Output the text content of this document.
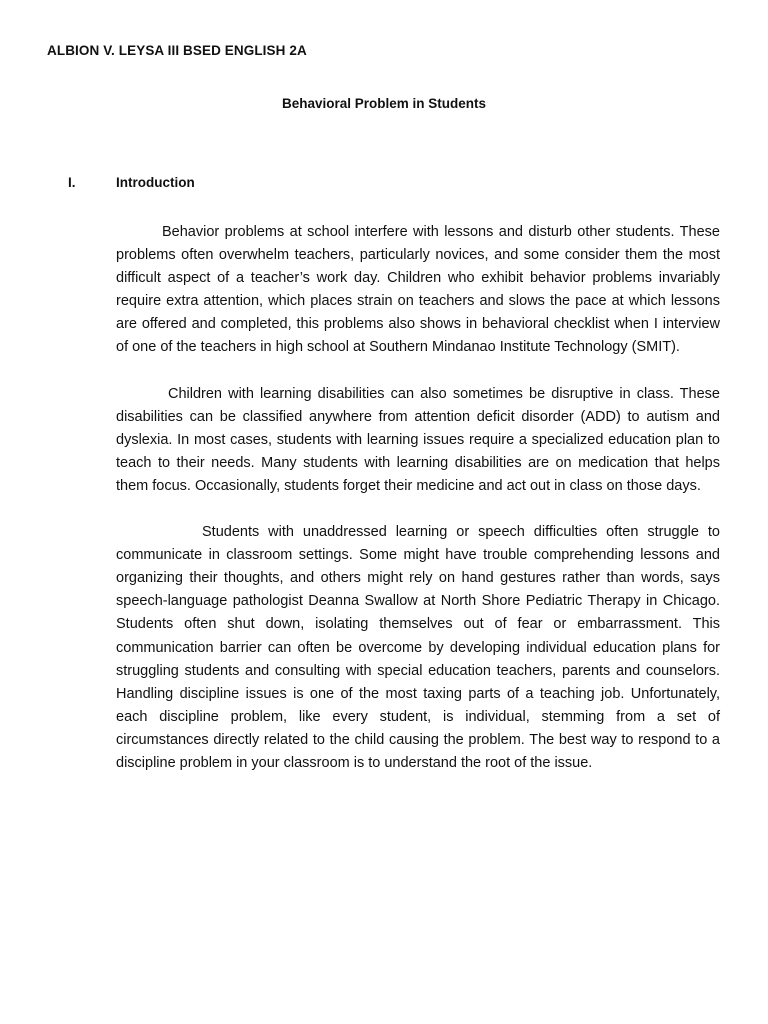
ALBION V. LEYSA III BSED ENGLISH 2A
Behavioral Problem in Students
I.	Introduction

Behavior problems at school interfere with lessons and disturb other students. These problems often overwhelm teachers, particularly novices, and some consider them the most difficult aspect of a teacher’s work day. Children who exhibit behavior problems invariably require extra attention, which places strain on teachers and slows the pace at which lessons are offered and completed, this problems also shows in behavioral checklist when I interview of one of the teachers in high school at Southern Mindanao Institute Technology (SMIT).

Children with learning disabilities can also sometimes be disruptive in class. These disabilities can be classified anywhere from attention deficit disorder (ADD) to autism and dyslexia. In most cases, students with learning issues require a specialized education plan to teach to their needs. Many students with learning disabilities are on medication that helps them focus. Occasionally, students forget their medicine and act out in class on those days.

Students with unaddressed learning or speech difficulties often struggle to communicate in classroom settings. Some might have trouble comprehending lessons and organizing their thoughts, and others might rely on hand gestures rather than words, says speech-language pathologist Deanna Swallow at North Shore Pediatric Therapy in Chicago. Students often shut down, isolating themselves out of fear or embarrassment. This communication barrier can often be overcome by developing individual education plans for struggling students and consulting with special education teachers, parents and counselors. Handling discipline issues is one of the most taxing parts of a teaching job. Unfortunately, each discipline problem, like every student, is individual, stemming from a set of circumstances directly related to the child causing the problem. The best way to respond to a discipline problem in your classroom is to understand the root of the issue.
